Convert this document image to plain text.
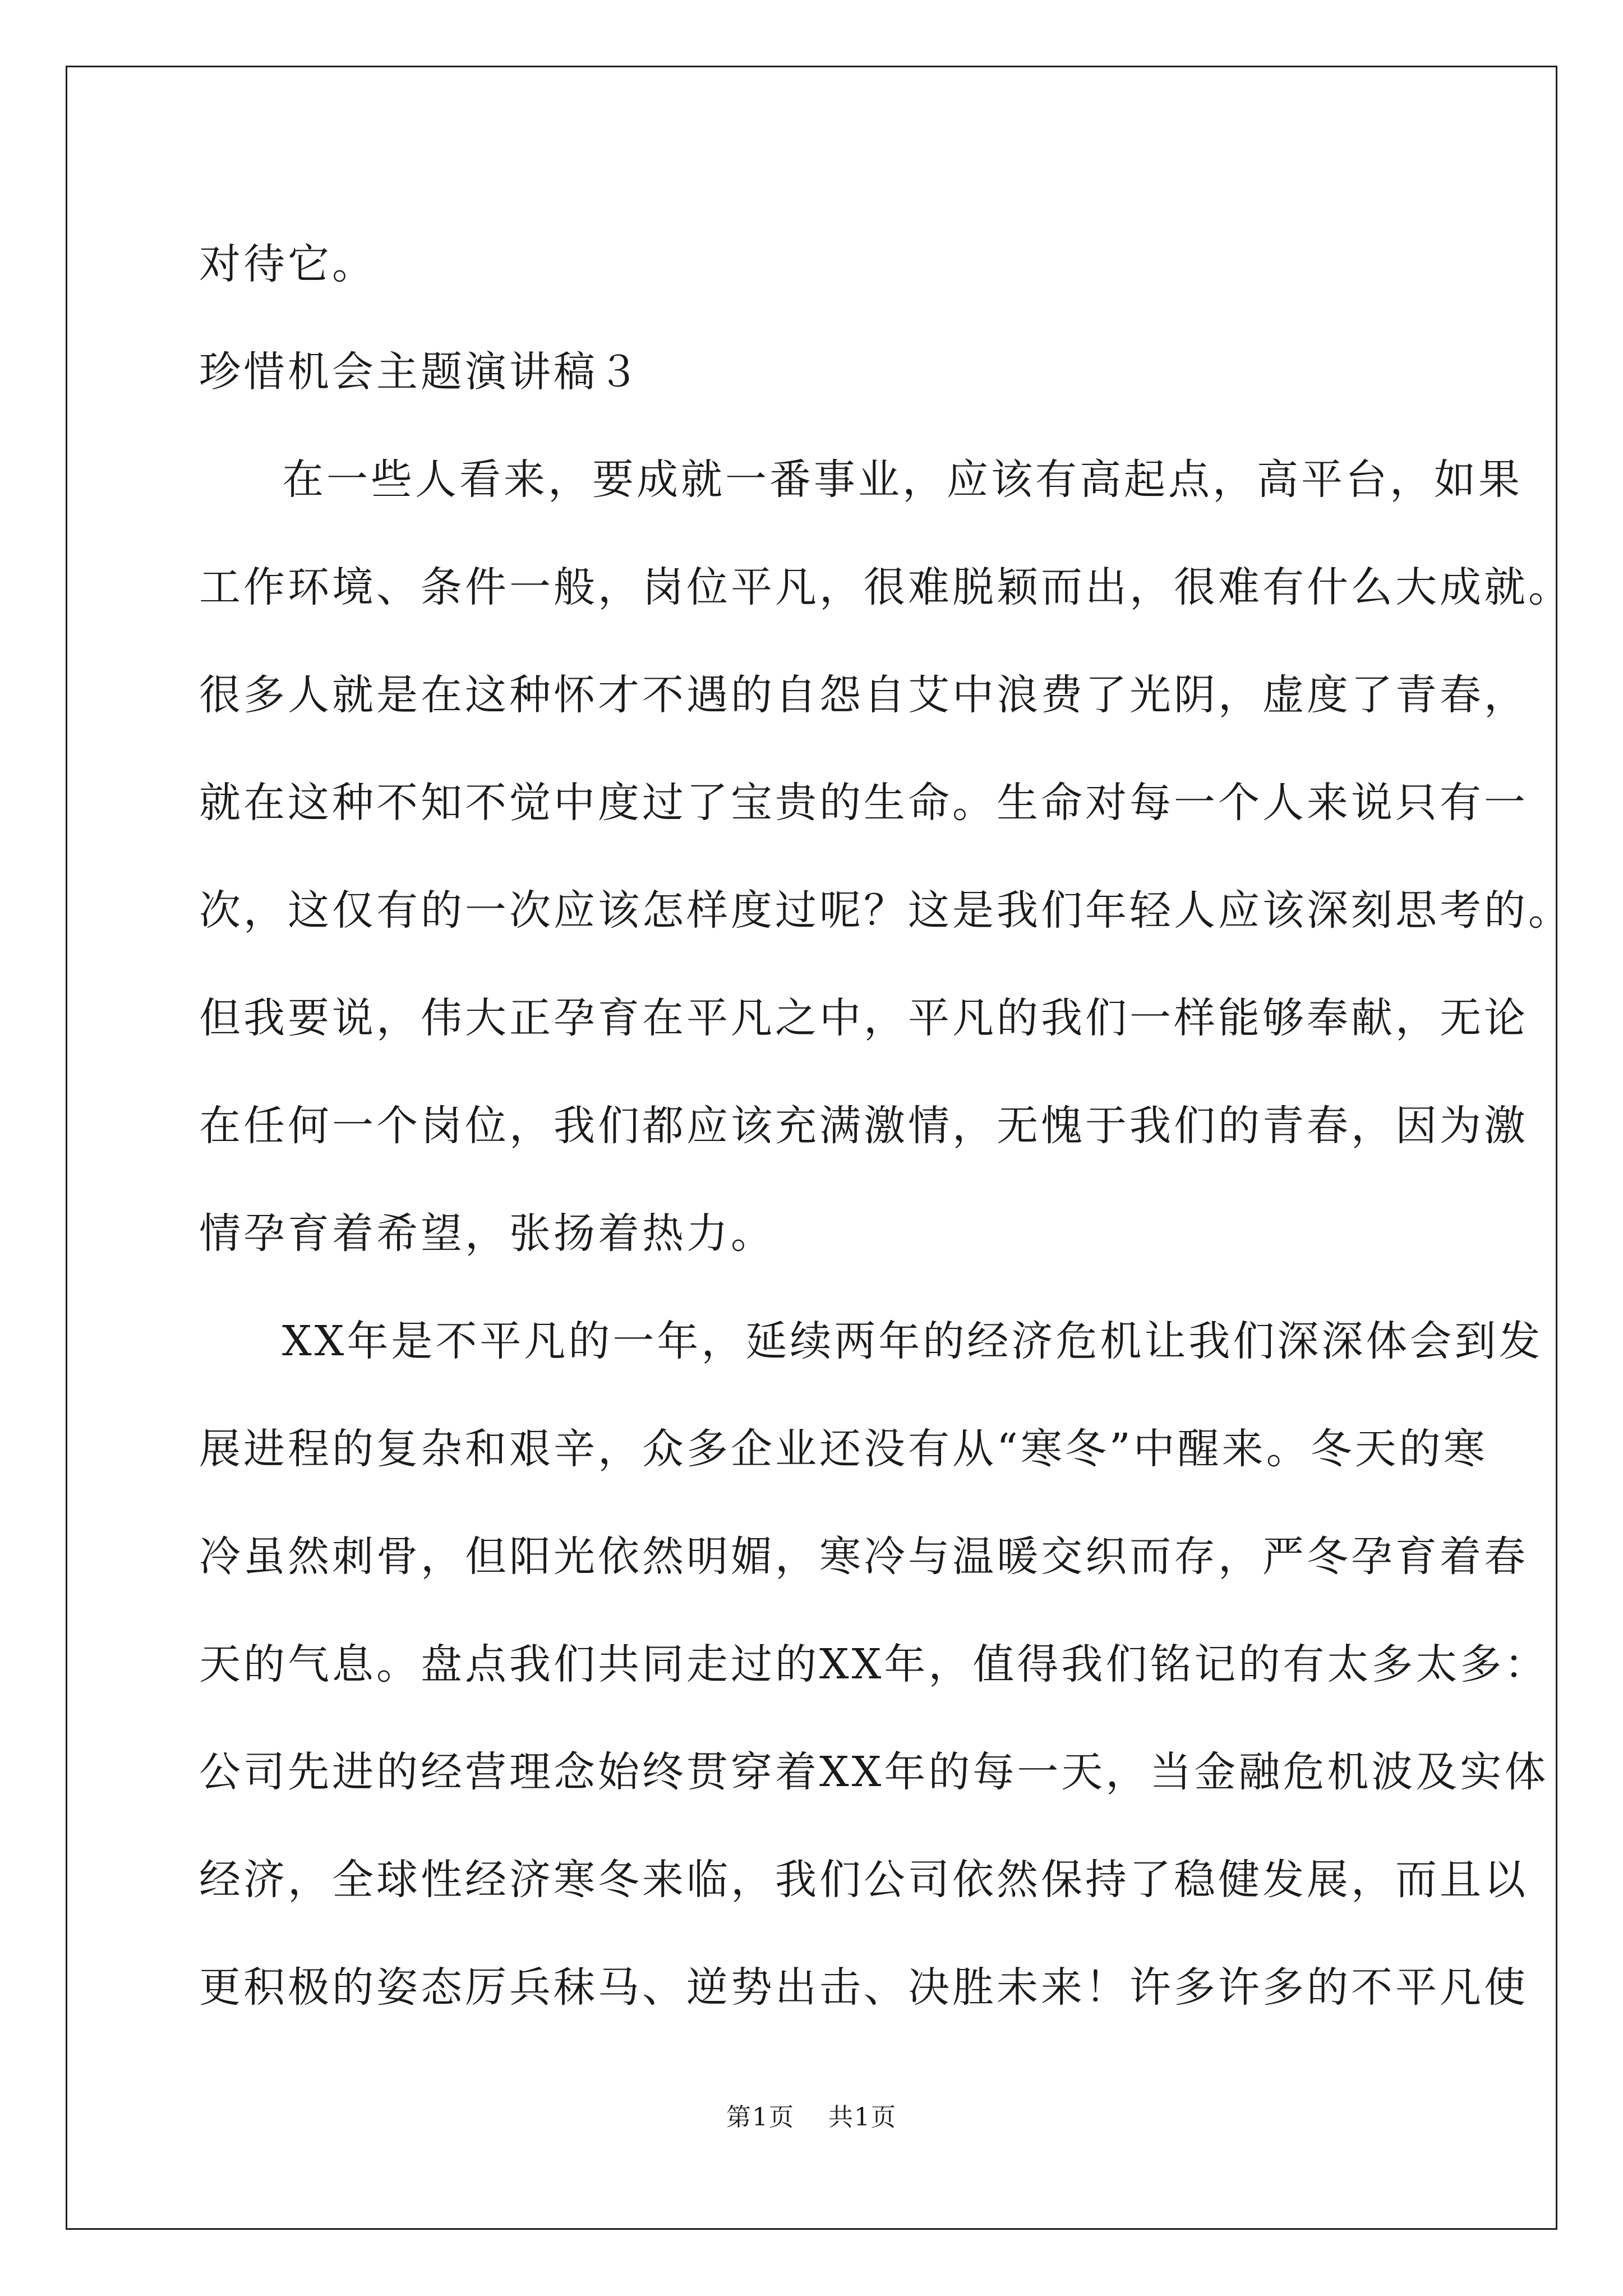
对待它。
珍惜机会主题演讲稿３
在一些人看来，要成就一番事业，应该有高起点，高平台，如果
工作环境、条件一般，岗位平凡，很难脱颖而出，很难有什么大成就。
很多人就是在这种怀才不遇的自怨自艾中浪费了光阴，虚度了青春，
就在这种不知不觉中度过了宝贵的生命。生命对每一个人来说只有一
次，这仅有的一次应该怎样度过呢？这是我们年轻人应该深刻思考的。
但我要说，伟大正孕育在平凡之中，平凡的我们一样能够奉献，无论
在任何一个岗位，我们都应该充满激情，无愧于我们的青春，因为激
情孕育着希望，张扬着热力。
XX年是不平凡的一年，延续两年的经济危机让我们深深体会到发
展进程的复杂和艰辛，众多企业还没有从“寒冬”中醒来。冬天的寒
冷虽然刺骨，但阳光依然明媚，寒冷与温暖交织而存，严冬孕育着春
天的气息。盘点我们共同走过的XX年，值得我们铭记的有太多太多：
公司先进的经营理念始终贯穿着XX年的每一天，当金融危机波及实体
经济，全球性经济寒冬来临，我们公司依然保持了稳健发展，而且以
更积极的姿态厉兵秣马、逆势出击、决胜未来！许多许多的不平凡使
第1页 共1页
